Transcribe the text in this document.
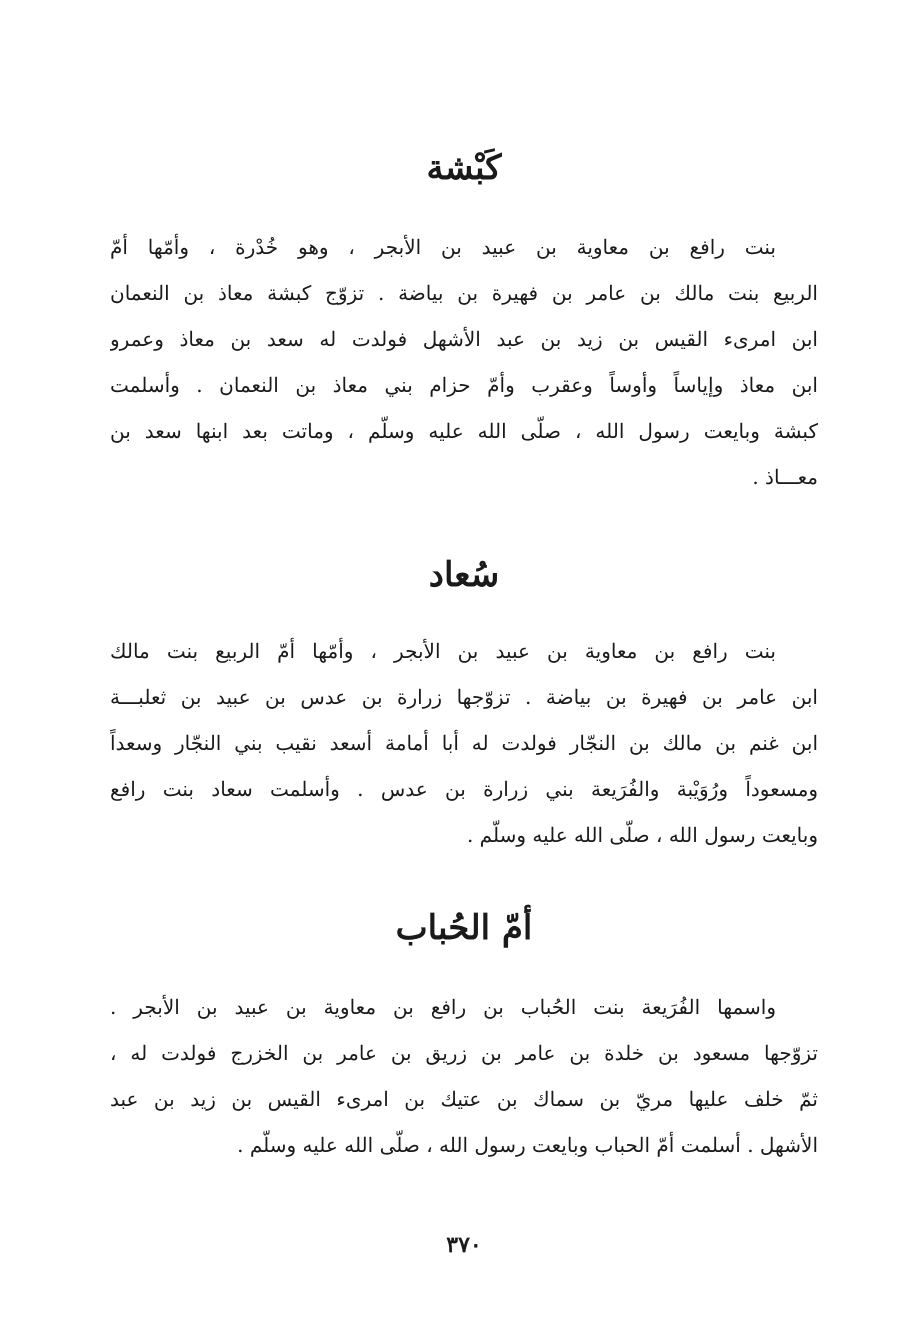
كَبْشة
بنت رافع بن معاوية بن عبيد بن الأبجر ، وهو خُدْرة ، وأمّها أمّ
الربيع بنت مالك بن عامر بن فهيرة بن بياضة . تزوّج كبشة معاذ بن النعمان
ابن امرىء القيس بن زيد بن عبد الأشهل فولدت له سعد بن معاذ وعمرو
ابن معاذ وإياساً وأوساً وعقرب وأمّ حزام بني معاذ بن النعمان . وأسلمت
كبشة وبايعت رسول الله ، صلّى الله عليه وسلّم ، وماتت بعد ابنها سعد بن
معـــاذ .
سُعاد
بنت رافع بن معاوية بن عبيد بن الأبجر ، وأمّها أمّ الربيع بنت مالك
ابن عامر بن فهيرة بن بياضة . تزوّجها زرارة بن عدس بن عبيد بن ثعلبـــة
ابن غنم بن مالك بن النجّار فولدت له أبا أمامة أسعد نقيب بني النجّار وسعداً
ومسعوداً ورُوَيْبة والفُرَيعة بني زرارة بن عدس . وأسلمت سعاد بنت رافع
وبايعت رسول الله ، صلّى الله عليه وسلّم .
أمّ الحُباب
واسمها الفُرَيعة بنت الحُباب بن رافع بن معاوية بن عبيد بن الأبجر .
تزوّجها مسعود بن خلدة بن عامر بن زريق بن عامر بن الخزرج فولدت له ،
ثمّ خلف عليها مريّ بن سماك بن عتيك بن امرىء القيس بن زيد بن عبد
الأشهل . أسلمت أمّ الحباب وبايعت رسول الله ، صلّى الله عليه وسلّم .
٣٧٠
